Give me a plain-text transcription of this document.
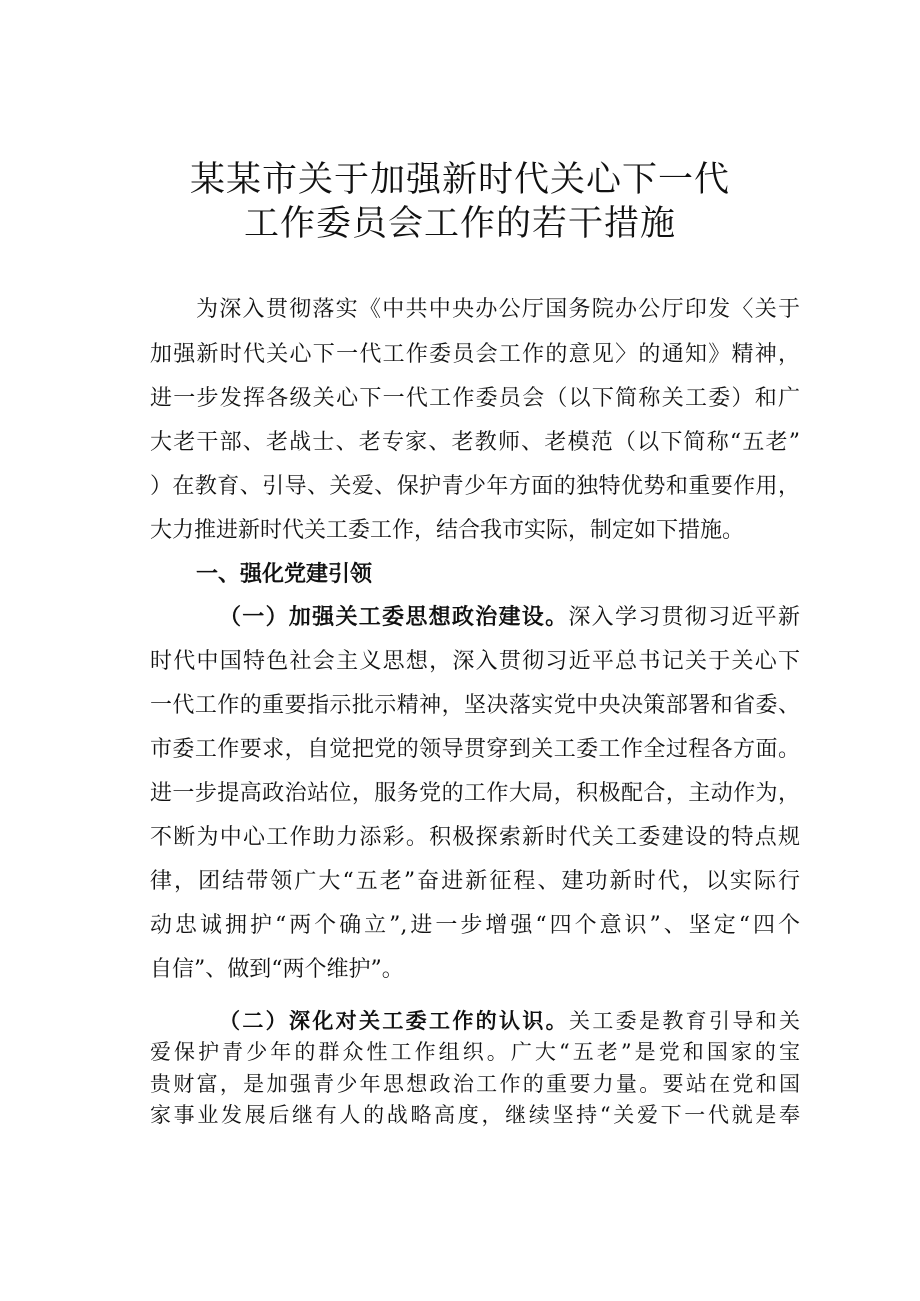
某某市关于加强新时代关心下一代
工作委员会工作的若干措施

为深入贯彻落实《中共中央办公厅国务院办公厅印发〈关于

加强新时代关心下一代工作委员会工作的意见〉的通知》精神，

进一步发挥各级关心下一代工作委员会（以下简称关工委）和广

大老干部、老战士、老专家、老教师、老模范（以下简称“五老”

）在教育、引导、关爱、保护青少年方面的独特优势和重要作用，

大力推进新时代关工委工作，结合我市实际，制定如下措施。

一、强化党建引领

（一）加强关工委思想政治建设。深入学习贯彻习近平新

时代中国特色社会主义思想，深入贯彻习近平总书记关于关心下

一代工作的重要指示批示精神，坚决落实党中央决策部署和省委、

市委工作要求，自觉把党的领导贯穿到关工委工作全过程各方面。

进一步提高政治站位，服务党的工作大局，积极配合，主动作为，

不断为中心工作助力添彩。积极探索新时代关工委建设的特点规

律，团结带领广大“五老”奋进新征程、建功新时代，以实际行

动忠诚拥护“两个确立”,进一步增强“四个意识”、坚定“四个

自信”、做到“两个维护”。

（二）深化对关工委工作的认识。关工委是教育引导和关

爱保护青少年的群众性工作组织。广大“五老”是党和国家的宝

贵财富，是加强青少年思想政治工作的重要力量。要站在党和国

家事业发展后继有人的战略高度，继续坚持“关爱下一代就是奉
